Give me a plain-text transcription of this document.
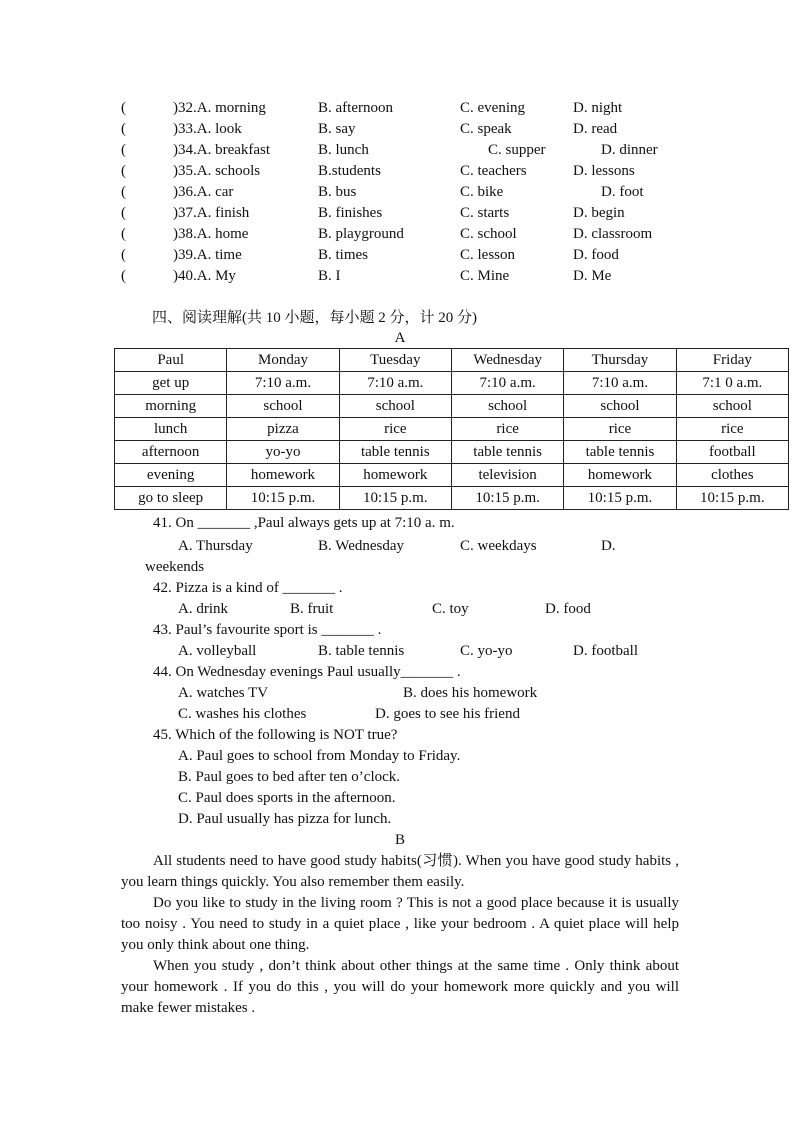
(	)32.A. morning	B. afternoon	C. evening	D. night
(	)33.A. look	B. say	C. speak	D. read
(	)34.A. breakfast	B. lunch	C. supper	D. dinner
(	)35.A. schools	B.students	C. teachers	D. lessons
(	)36.A. car	B. bus	C. bike	D. foot
(	)37.A. finish	B. finishes	C. starts	D. begin
(	)38.A. home	B. playground	C. school	D. classroom
(	)39.A. time	B. times	C. lesson	D. food
(	)40.A. My	B. I	C. Mine	D. Me
四、阅读理解(共 10 小题，每小题 2 分，计 20 分)
A
Paul	Monday	Tuesday	Wednesday	Thursday	Friday
get up	7:10 a.m.	7:10 a.m.	7:10 a.m.	7:10 a.m.	7:1 0 a.m.
morning	school	school	school	school	school
lunch	pizza	rice	rice	rice	rice
afternoon	yo-yo	table tennis	table tennis	table tennis	football
evening	homework	homework	television	homework	clothes
go to sleep	10:15 p.m.	10:15 p.m.	10:15 p.m.	10:15 p.m.	10:15 p.m.
41. On _______ ,Paul always gets up at 7:10 a. m.
A. Thursday	B. Wednesday	C. weekdays	D.
weekends
42. Pizza is a kind of _______ .
A. drink	B. fruit	C. toy	D. food
43. Paul’s favourite sport is _______ .
A. volleyball	B. table tennis	C. yo-yo	D. football
44. On Wednesday evenings Paul usually_______ .
A. watches TV	B. does his homework
C. washes his clothes	D. goes to see his friend
45. Which of the following is NOT true?
A. Paul goes to school from Monday to Friday.
B. Paul goes to bed after ten o’clock.
C. Paul does sports in the afternoon.
D. Paul usually has pizza for lunch.
B
All students need to have good study habits(习惯). When you have good study habits , you learn things quickly. You also remember them easily.
Do you like to study in the living room ? This is not a good place because it is usually too noisy . You need to study in a quiet place , like your bedroom . A quiet place will help you only think about one thing.
When you study , don’t think about other things at the same time . Only think about your homework . If you do this , you will do your homework more quickly and you will make fewer mistakes .
